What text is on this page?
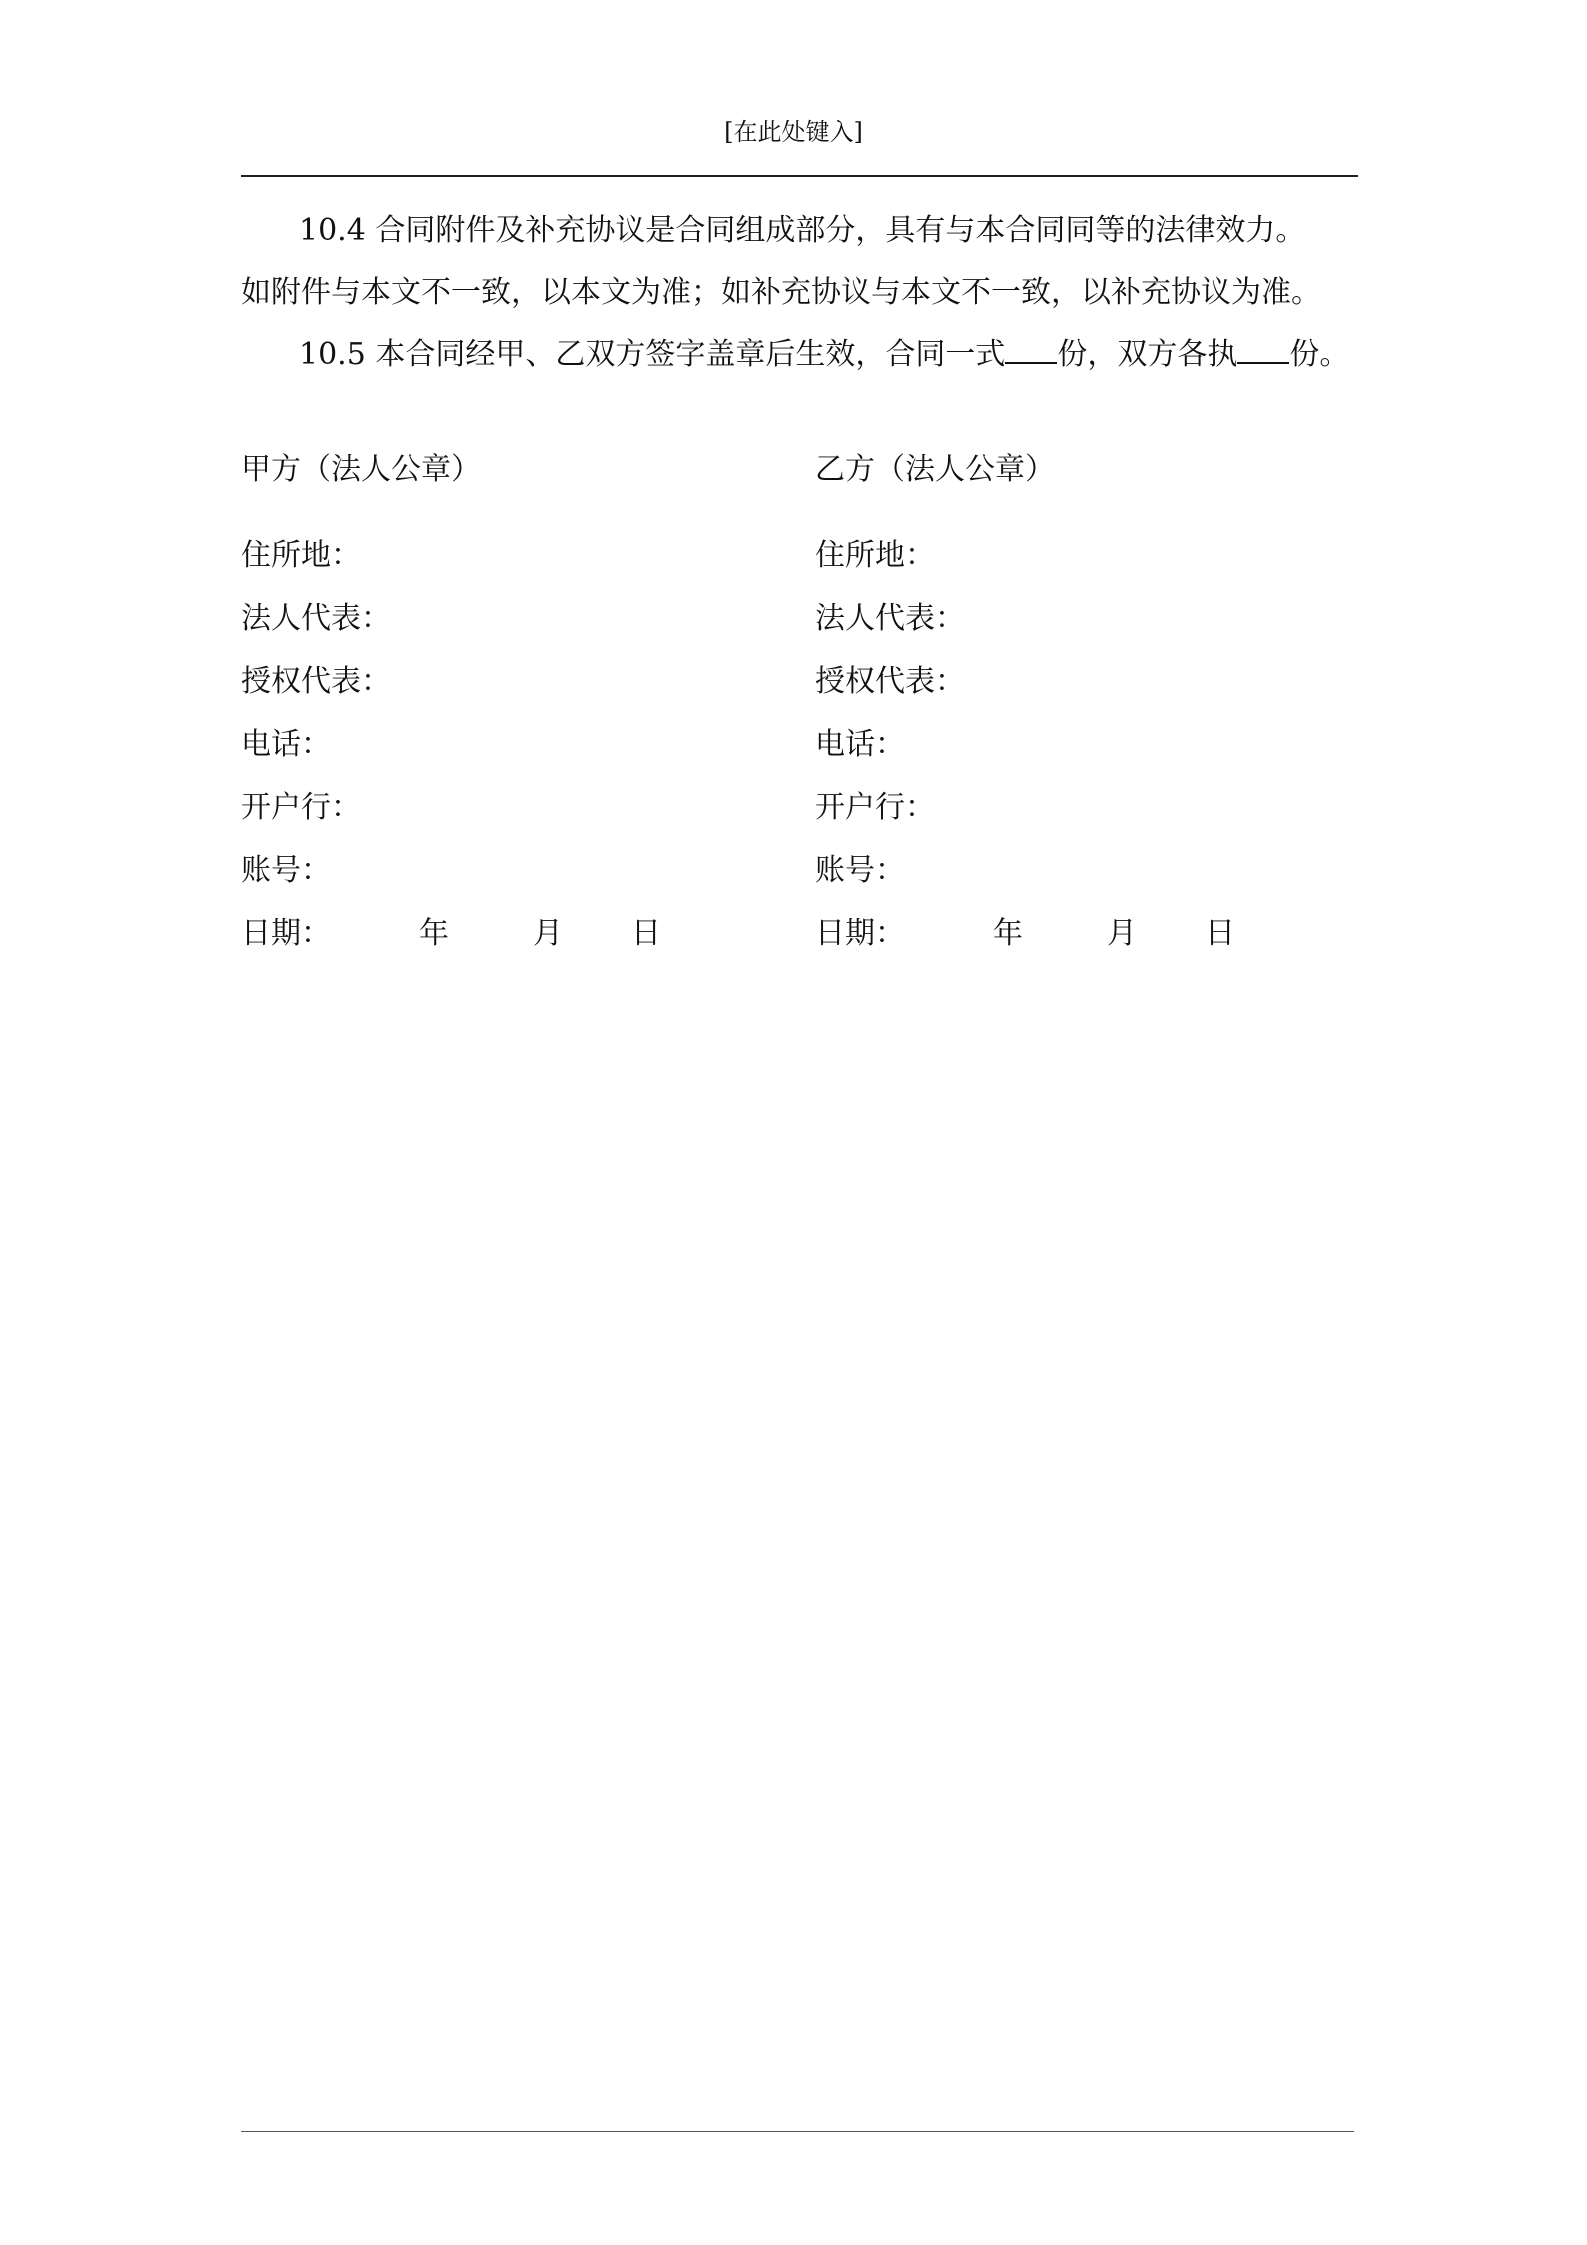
[在此处键入]
10.4 合同附件及补充协议是合同组成部分，具有与本合同同等的法律效力。
如附件与本文不一致，以本文为准；如补充协议与本文不一致，以补充协议为准。
10.5 本合同经甲、乙双方签字盖章后生效，合同一式 份，双方各执 份。
甲方（法人公章）
住所地：
法人代表：
授权代表：
电话：
开户行：
账号：
日期：	年	月 日
乙方（法人公章）
住所地：
法人代表：
授权代表：
电话：
开户行：
账号：
日期：	年	月 日
